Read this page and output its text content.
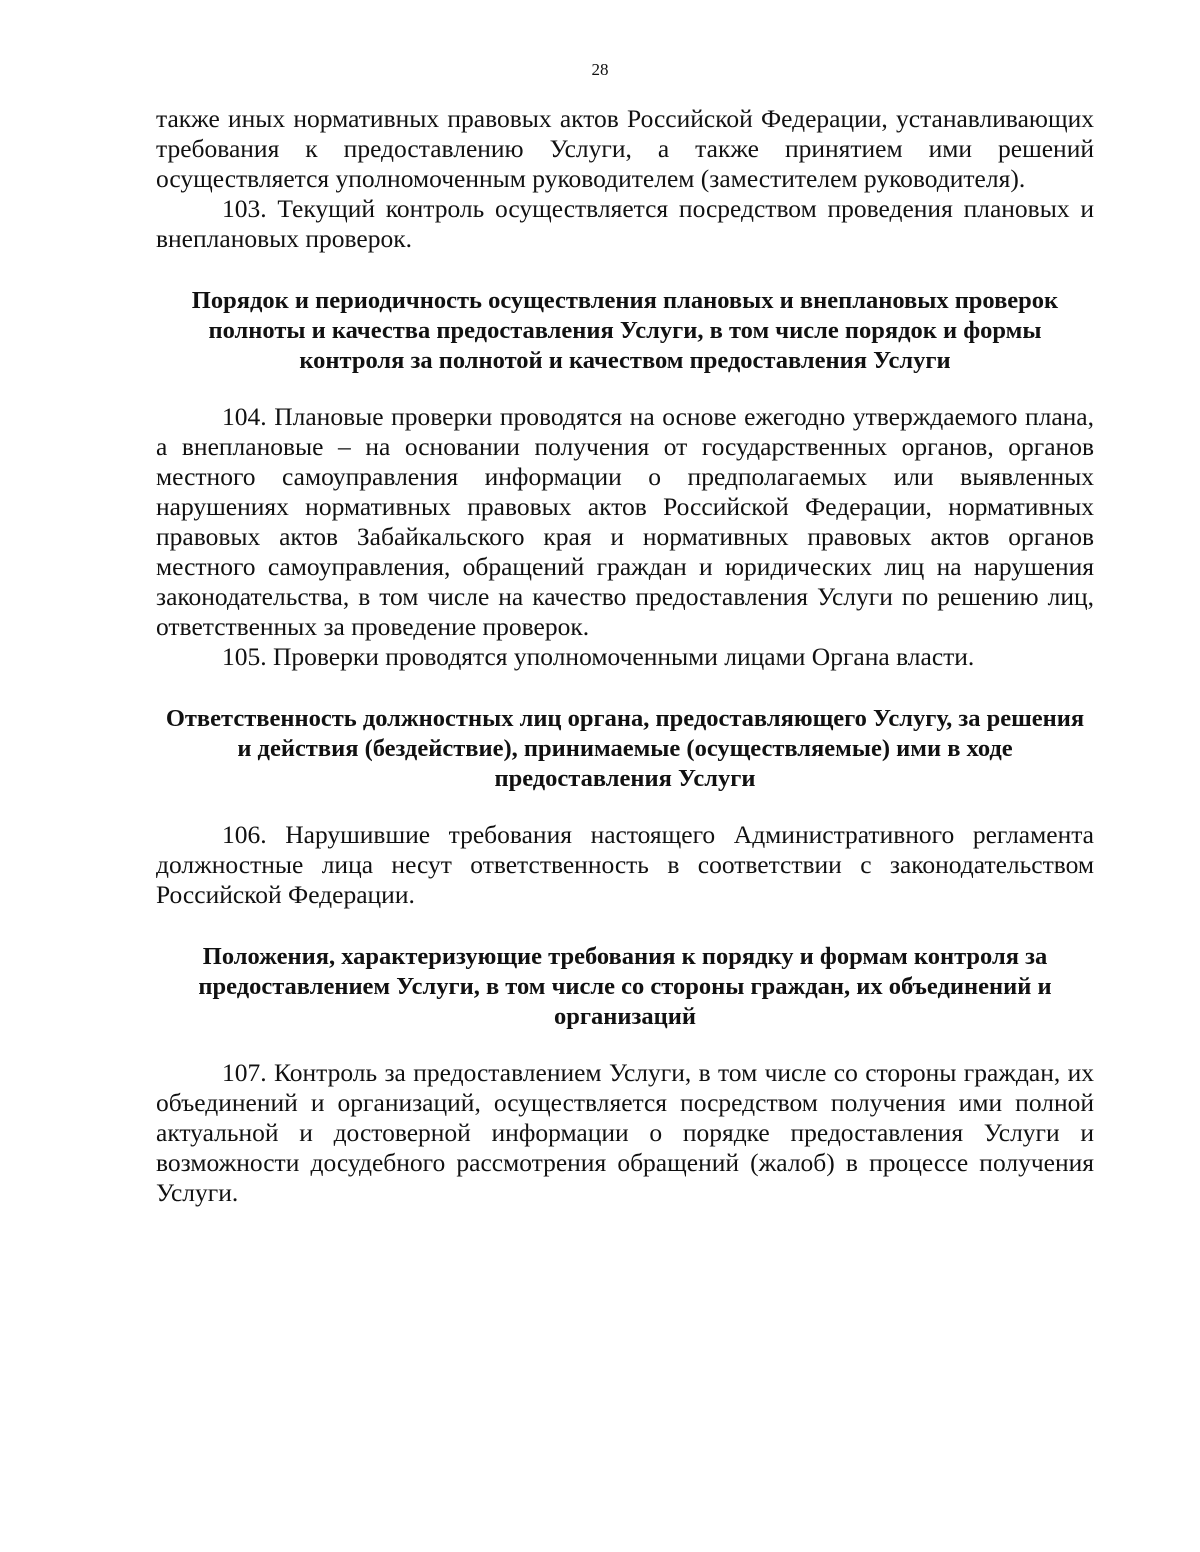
28

также иных нормативных правовых актов Российской Федерации, устанавливающих требования к предоставлению Услуги, а также принятием ими решений осуществляется уполномоченным руководителем (заместителем руководителя).

103. Текущий контроль осуществляется посредством проведения плановых и внеплановых проверок.

Порядок и периодичность осуществления плановых и внеплановых проверок полноты и качества предоставления Услуги, в том числе порядок и формы контроля за полнотой и качеством предоставления Услуги

104. Плановые проверки проводятся на основе ежегодно утверждаемого плана, а внеплановые – на основании получения от государственных органов, органов местного самоуправления информации о предполагаемых или выявленных нарушениях нормативных правовых актов Российской Федерации, нормативных правовых актов Забайкальского края и нормативных правовых актов органов местного самоуправления, обращений граждан и юридических лиц на нарушения законодательства, в том числе на качество предоставления Услуги по решению лиц, ответственных за проведение проверок.

105. Проверки проводятся уполномоченными лицами Органа власти.

Ответственность должностных лиц органа, предоставляющего Услугу, за решения и действия (бездействие), принимаемые (осуществляемые) ими в ходе предоставления Услуги

106. Нарушившие требования настоящего Административного регламента должностные лица несут ответственность в соответствии с законодательством Российской Федерации.

Положения, характеризующие требования к порядку и формам контроля за предоставлением Услуги, в том числе со стороны граждан, их объединений и организаций

107. Контроль за предоставлением Услуги, в том числе со стороны граждан, их объединений и организаций, осуществляется посредством получения ими полной актуальной и достоверной информации о порядке предоставления Услуги и возможности досудебного рассмотрения обращений (жалоб) в процессе получения Услуги.
